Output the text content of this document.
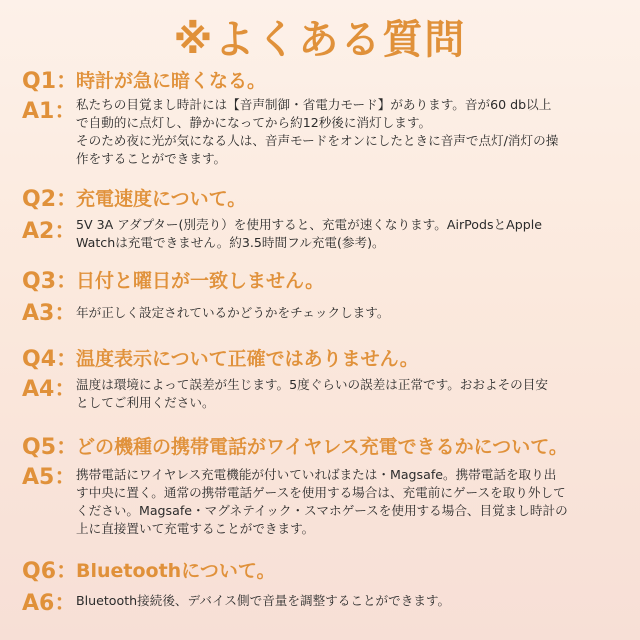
※よくある質問
Q1：
時計が急に暗くなる。
A1： 私たちの目覚まし時計には【音声制御・省電力モード】があります。音が60 db以上

で自動的に点灯し、静かになってから約12秒後に消灯します。

そのため夜に光が気になる人は、音声モードをオンにしたときに音声で点灯/消灯の操

作をすることができます。

Q2：
充電速度について。
A2： 5V 3A アダプター(別売り）を使用すると、充電が速くなります。AirPodsとApple

Watchは充電できません。約3.5時間フル充電(参考)。

Q3：
日付と曜日が一致しません。
A3： 年が正しく設定されているかどうかをチェックします。

Q4：
温度表示について正確ではありません。
A4： 温度は環境によって誤差が生じます。5度ぐらいの誤差は正常です。おおよその目安

としてご利用ください。

Q5：
どの機種の携帯電話がワイヤレス充電できるかについて。
A5： 携帯電話にワイヤレス充電機能が付いていればまたは・Magsafe。携帯電話を取り出

す中央に置く。通常の携帯電話ゲースを使用する場合は、充電前にゲースを取り外して

ください。Magsafe・マグネテイック・スマホゲースを使用する場合、目覚まし時計の

上に直接置いて充電することができます。

Q6：
Bluetoothについて。
A6： Bluetooth接続後、デバイス側で音量を調整することができます。
